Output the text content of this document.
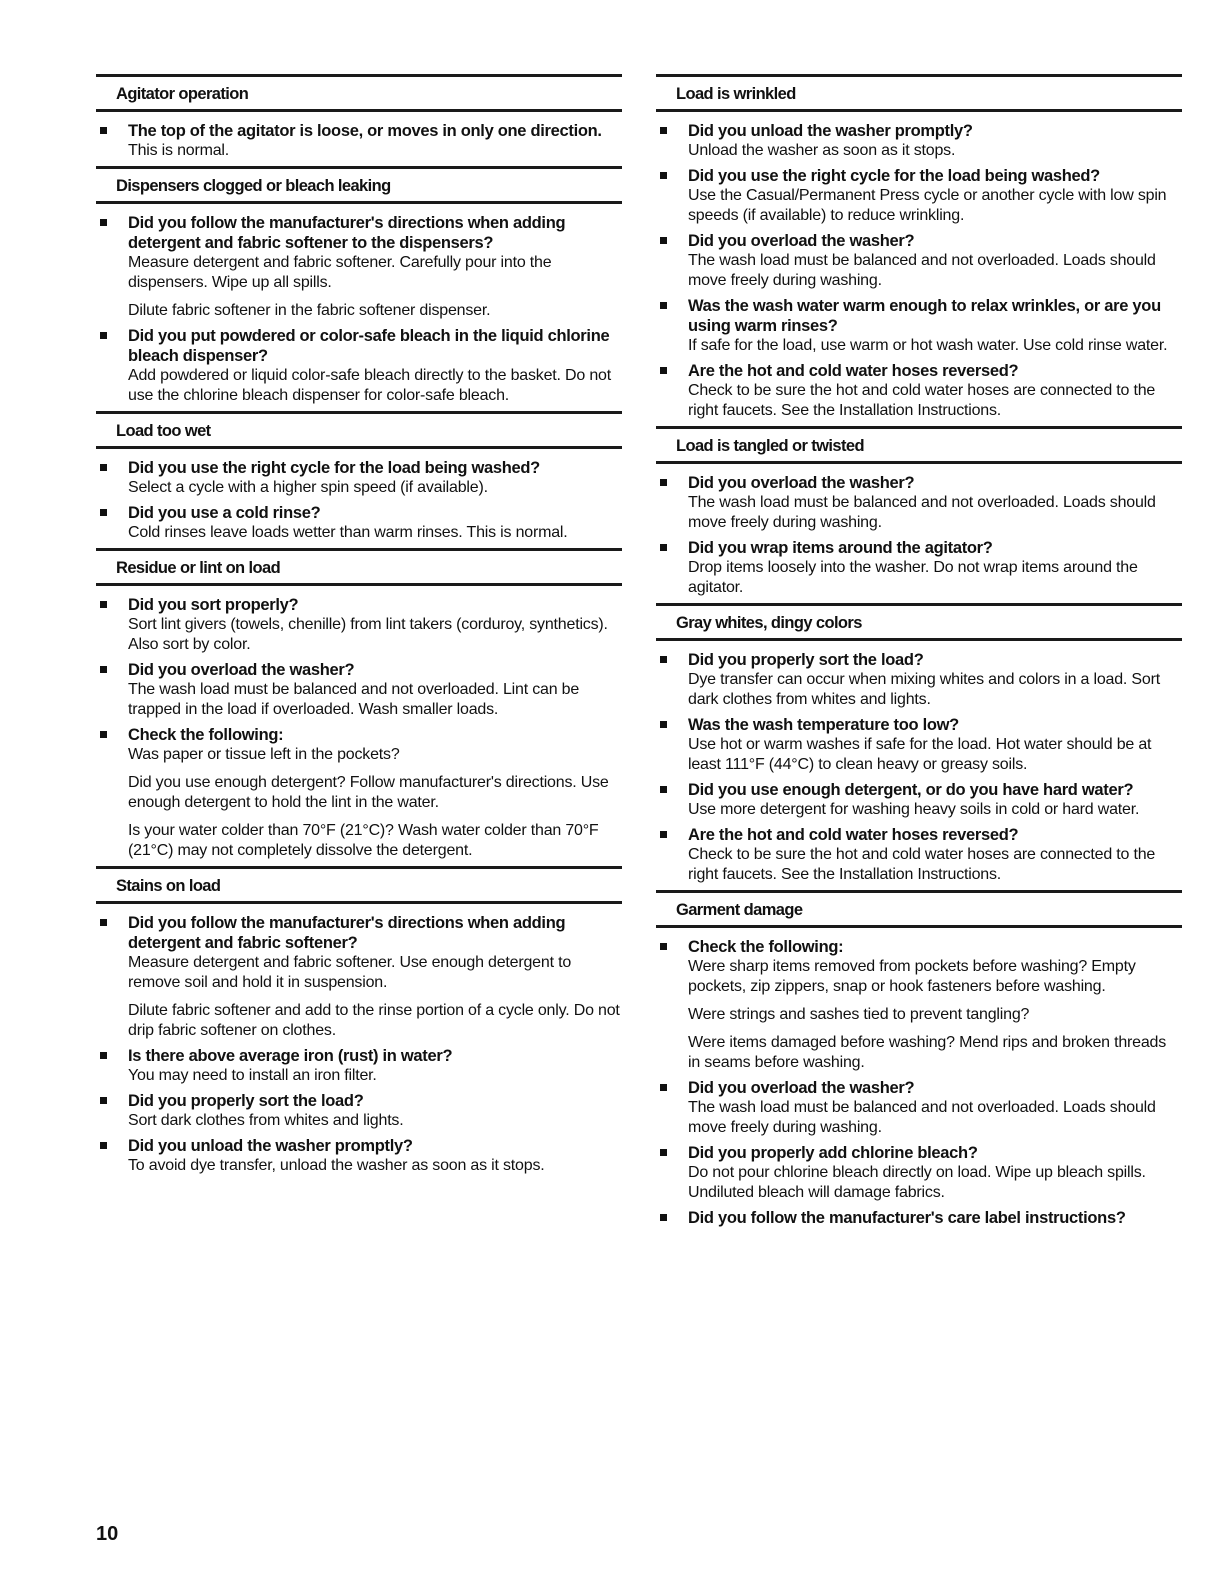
Agitator operation
The top of the agitator is loose, or moves in only one direction.

This is normal.

Dispensers clogged or bleach leaking
Did you follow the manufacturer's directions when adding detergent and fabric softener to the dispensers?

Measure detergent and fabric softener. Carefully pour into the dispensers. Wipe up all spills.

Dilute fabric softener in the fabric softener dispenser.

Did you put powdered or color-safe bleach in the liquid chlorine bleach dispenser?

Add powdered or liquid color-safe bleach directly to the basket. Do not use the chlorine bleach dispenser for color-safe bleach.

Load too wet
Did you use the right cycle for the load being washed?

Select a cycle with a higher spin speed (if available).

Did you use a cold rinse?

Cold rinses leave loads wetter than warm rinses. This is normal.

Residue or lint on load
Did you sort properly?

Sort lint givers (towels, chenille) from lint takers (corduroy, synthetics). Also sort by color.

Did you overload the washer?

The wash load must be balanced and not overloaded. Lint can be trapped in the load if overloaded. Wash smaller loads.

Check the following:

Was paper or tissue left in the pockets?

Did you use enough detergent? Follow manufacturer's directions. Use enough detergent to hold the lint in the water.

Is your water colder than 70°F (21°C)? Wash water colder than 70°F (21°C) may not completely dissolve the detergent.

Stains on load
Did you follow the manufacturer's directions when adding detergent and fabric softener?

Measure detergent and fabric softener. Use enough detergent to remove soil and hold it in suspension.

Dilute fabric softener and add to the rinse portion of a cycle only. Do not drip fabric softener on clothes.

Is there above average iron (rust) in water?

You may need to install an iron filter.

Did you properly sort the load?

Sort dark clothes from whites and lights.

Did you unload the washer promptly?

To avoid dye transfer, unload the washer as soon as it stops.

Load is wrinkled
Did you unload the washer promptly?

Unload the washer as soon as it stops.

Did you use the right cycle for the load being washed?

Use the Casual/Permanent Press cycle or another cycle with low spin speeds (if available) to reduce wrinkling.

Did you overload the washer?

The wash load must be balanced and not overloaded. Loads should move freely during washing.

Was the wash water warm enough to relax wrinkles, or are you using warm rinses?

If safe for the load, use warm or hot wash water. Use cold rinse water.

Are the hot and cold water hoses reversed?

Check to be sure the hot and cold water hoses are connected to the right faucets. See the Installation Instructions.

Load is tangled or twisted
Did you overload the washer?

The wash load must be balanced and not overloaded. Loads should move freely during washing.

Did you wrap items around the agitator?

Drop items loosely into the washer. Do not wrap items around the agitator.

Gray whites, dingy colors
Did you properly sort the load?

Dye transfer can occur when mixing whites and colors in a load. Sort dark clothes from whites and lights.

Was the wash temperature too low?

Use hot or warm washes if safe for the load. Hot water should be at least 111°F (44°C) to clean heavy or greasy soils.

Did you use enough detergent, or do you have hard water?

Use more detergent for washing heavy soils in cold or hard water.

Are the hot and cold water hoses reversed?

Check to be sure the hot and cold water hoses are connected to the right faucets. See the Installation Instructions.

Garment damage
Check the following:

Were sharp items removed from pockets before washing? Empty pockets, zip zippers, snap or hook fasteners before washing.

Were strings and sashes tied to prevent tangling?

Were items damaged before washing? Mend rips and broken threads in seams before washing.

Did you overload the washer?

The wash load must be balanced and not overloaded. Loads should move freely during washing.

Did you properly add chlorine bleach?

Do not pour chlorine bleach directly on load. Wipe up bleach spills. Undiluted bleach will damage fabrics.

Did you follow the manufacturer's care label instructions?
10
